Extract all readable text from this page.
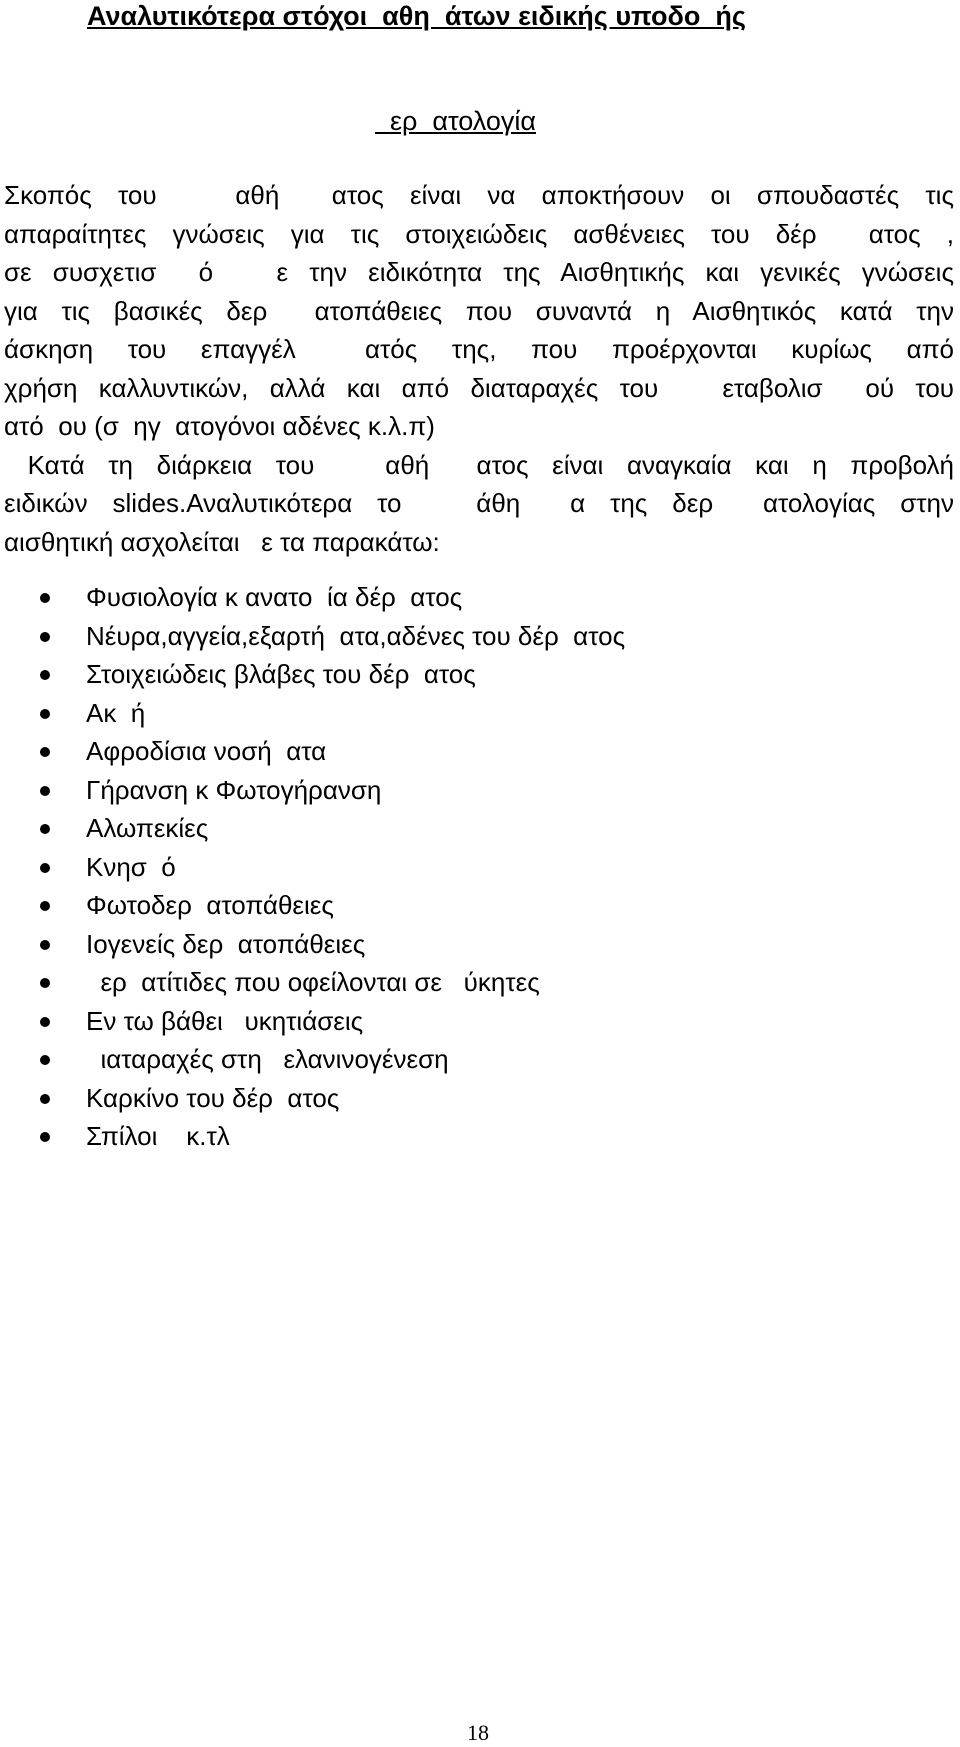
Αναλυτικότερα στόχοι  αθη  άτων ειδικής υποδο  ής
ερ  ατολογία

Σκοπός του   αθή  ατος είναι να αποκτήσουν οι σπουδαστές τις
απαραίτητες γνώσεις για τις στοιχειώδεις ασθένειες του δέρ  ατος ,
σε συσχετισ  ό   ε την ειδικότητα της Αισθητικής και γενικές γνώσεις
για τις βασικές δερ  ατοπάθειες που συναντά η Αισθητικός κατά την
άσκηση του επαγγέλ  ατός της, που προέρχονται κυρίως από
χρήση καλλυντικών, αλλά και από διαταραχές του   εταβολισ  ού του
ατό  ου (σ  ηγ  ατογόνοι αδένες κ.λ.π)
Κατά τη διάρκεια του   αθή  ατος είναι αναγκαία και η προβολή
ειδικών slides.Αναλυτικότερα το   άθη  α της δερ  ατολογίας στην
αισθητική ασχολείται   ε τα παρακάτω:

Φυσιολογία κ ανατο  ία δέρ  ατος
Νέυρα,αγγεία,εξαρτή  ατα,αδένες του δέρ  ατος
Στοιχειώδεις βλάβες του δέρ  ατος
Ακ  ή
Αφροδίσια νοσή  ατα
Γήρανση κ Φωτογήρανση
Αλωπεκίες
Κνησ  ό
Φωτοδερ  ατοπάθειες
Ιογενείς δερ  ατοπάθειες
ερ  ατίτιδες που οφείλονται σε   ύκητες
Εν τω βάθει   υκητιάσεις
ιαταραχές στη   ελανινογένεση
Καρκίνο του δέρ  ατος
Σπίλοι    κ.τλ
18
